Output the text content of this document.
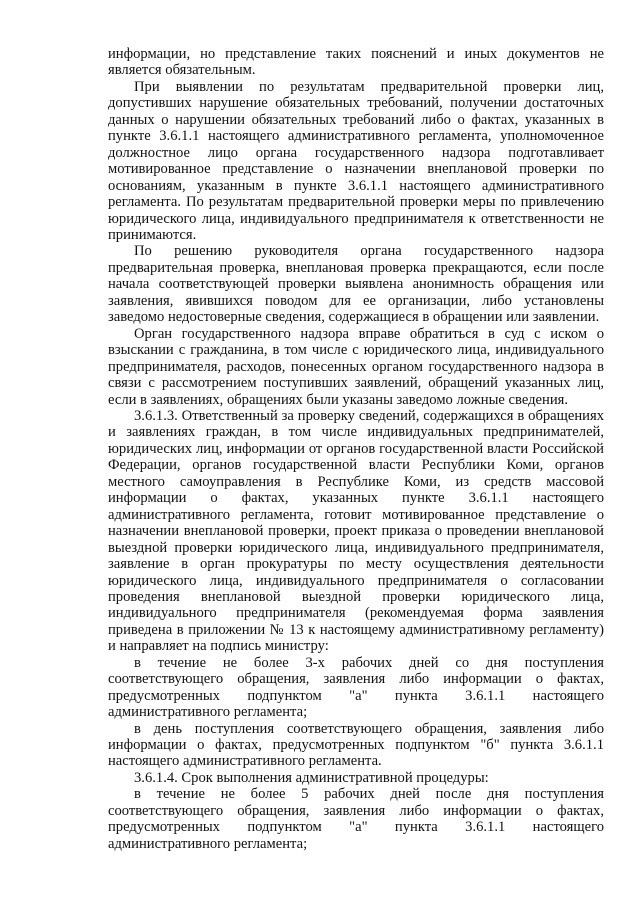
информации, но представление таких пояснений и иных документов не является обязательным.

При выявлении по результатам предварительной проверки лиц, допустивших нарушение обязательных требований, получении достаточных данных о нарушении обязательных требований либо о фактах, указанных в пункте 3.6.1.1 настоящего административного регламента, уполномоченное должностное лицо органа государственного надзора подготавливает мотивированное представление о назначении внеплановой проверки по основаниям, указанным в пункте 3.6.1.1 настоящего административного регламента. По результатам предварительной проверки меры по привлечению юридического лица, индивидуального предпринимателя к ответственности не принимаются.

По решению руководителя органа государственного надзора предварительная проверка, внеплановая проверка прекращаются, если после начала соответствующей проверки выявлена анонимность обращения или заявления, явившихся поводом для ее организации, либо установлены заведомо недостоверные сведения, содержащиеся в обращении или заявлении.

Орган государственного надзора вправе обратиться в суд с иском о взыскании с гражданина, в том числе с юридического лица, индивидуального предпринимателя, расходов, понесенных органом государственного надзора в связи с рассмотрением поступивших заявлений, обращений указанных лиц, если в заявлениях, обращениях были указаны заведомо ложные сведения.

3.6.1.3. Ответственный за проверку сведений, содержащихся в обращениях и заявлениях граждан, в том числе индивидуальных предпринимателей, юридических лиц, информации от органов государственной власти Российской Федерации, органов государственной власти Республики Коми, органов местного самоуправления в Республике Коми, из средств массовой информации о фактах, указанных пункте 3.6.1.1 настоящего административного регламента, готовит мотивированное представление о назначении внеплановой проверки, проект приказа о проведении внеплановой выездной проверки юридического лица, индивидуального предпринимателя, заявление в орган прокуратуры по месту осуществления деятельности юридического лица, индивидуального предпринимателя о согласовании проведения внеплановой выездной проверки юридического лица, индивидуального предпринимателя (рекомендуемая форма заявления приведена в приложении № 13 к настоящему административному регламенту) и направляет на подпись министру:

в течение не более 3-х рабочих дней со дня поступления соответствующего обращения, заявления либо информации о фактах, предусмотренных подпунктом "а" пункта 3.6.1.1 настоящего административного регламента;

в день поступления соответствующего обращения, заявления либо информации о фактах, предусмотренных подпунктом "б" пункта 3.6.1.1 настоящего административного регламента.

3.6.1.4. Срок выполнения административной процедуры:

в течение не более 5 рабочих дней после дня поступления соответствующего обращения, заявления либо информации о фактах, предусмотренных подпунктом "а" пункта 3.6.1.1 настоящего административного регламента;
